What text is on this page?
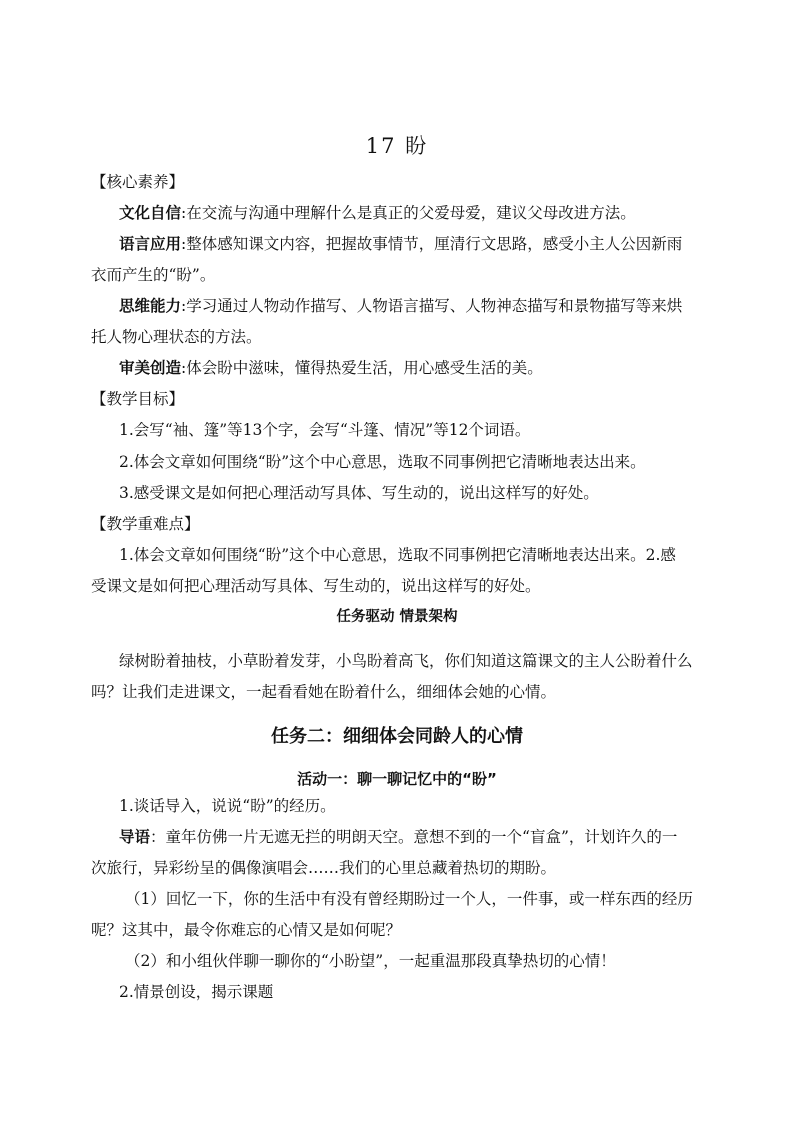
17 盼
【核心素养】
文化自信:在交流与沟通中理解什么是真正的父爱母爱，建议父母改进方法。
语言应用:整体感知课文内容，把握故事情节，厘清行文思路，感受小主人公因新雨
衣而产生的“盼”。
思维能力:学习通过人物动作描写、人物语言描写、人物神态描写和景物描写等来烘
托人物心理状态的方法。
审美创造:体会盼中滋味，懂得热爱生活，用心感受生活的美。
【教学目标】
1.会写“袖、篷”等13个字，会写“斗篷、情况”等12个词语。
2.体会文章如何围绕“盼”这个中心意思，选取不同事例把它清晰地表达出来。
3.感受课文是如何把心理活动写具体、写生动的，说出这样写的好处。
【教学重难点】
1.体会文章如何围绕“盼”这个中心意思，选取不同事例把它清晰地表达出来。2.感
受课文是如何把心理活动写具体、写生动的，说出这样写的好处。
任务驱动 情景架构
绿树盼着抽枝，小草盼着发芽，小鸟盼着高飞，你们知道这篇课文的主人公盼着什么
吗？让我们走进课文，一起看看她在盼着什么，细细体会她的心情。
任务二：细细体会同龄人的心情
活动一：聊一聊记忆中的“盼”
1.谈话导入，说说“盼”的经历。
导语：童年仿佛一片无遮无拦的明朗天空。意想不到的一个“盲盒”，计划许久的一
次旅行，异彩纷呈的偶像演唱会……我们的心里总藏着热切的期盼。
（1）回忆一下，你的生活中有没有曾经期盼过一个人，一件事，或一样东西的经历
呢？这其中，最令你难忘的心情又是如何呢？
（2）和小组伙伴聊一聊你的“小盼望”，一起重温那段真挚热切的心情！
2.情景创设，揭示课题
